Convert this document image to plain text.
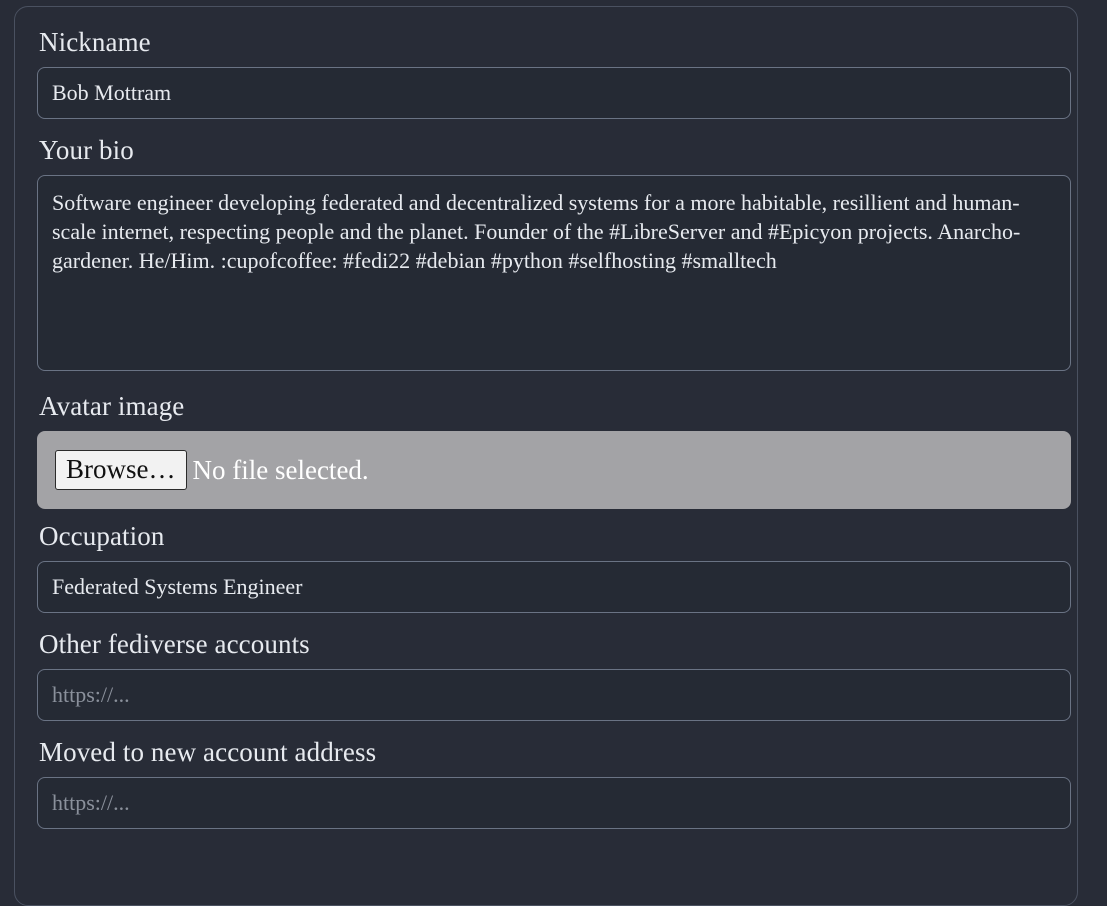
Nickname
Bob Mottram
Your bio
Software engineer developing federated and decentralized systems for a more habitable, resillient and human-scale internet, respecting people and the planet. Founder of the #LibreServer and #Epicyon projects. Anarcho-gardener. He/Him. :cupofcoffee: #fedi22 #debian #python #selfhosting #smalltech
Avatar image
Browse… No file selected.
Occupation
Federated Systems Engineer
Other fediverse accounts
https://...
Moved to new account address
https://...
